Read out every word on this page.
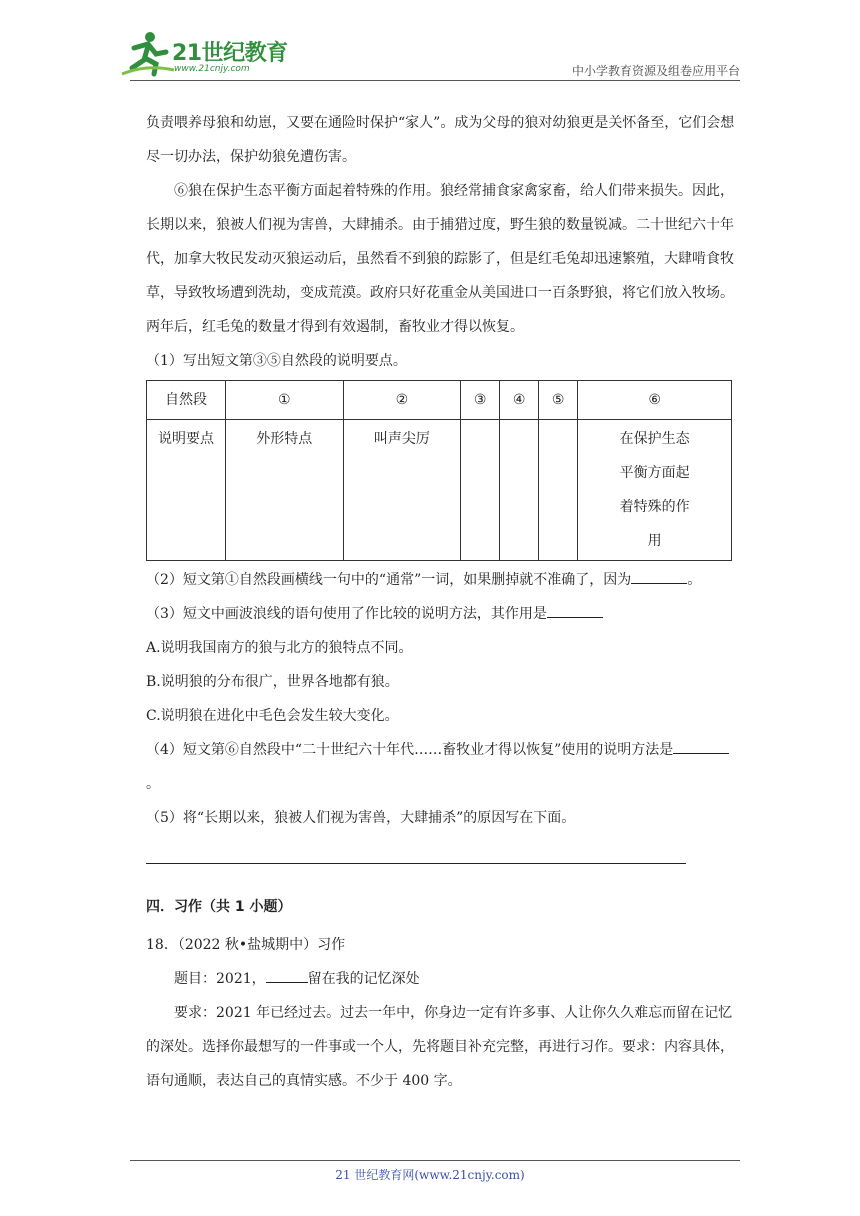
21世纪教育
www.21cnjy.com	中小学教育资源及组卷应用平台

负责喂养母狼和幼崽，又要在通险时保护“家人”。成为父母的狼对幼狼更是关怀备至，它们会想尽一切办法，保护幼狼免遭伤害。

⑥狼在保护生态平衡方面起着特殊的作用。狼经常捕食家禽家畜，给人们带来损失。因此，长期以来，狼被人们视为害兽，大肆捕杀。由于捕猎过度，野生狼的数量锐减。二十世纪六十年代，加拿大牧民发动灭狼运动后，虽然看不到狼的踪影了，但是红毛兔却迅速繁殖，大肆啃食牧草，导致牧场遭到洗劫，变成荒漠。政府只好花重金从美国进口一百条野狼，将它们放入牧场。两年后，红毛兔的数量才得到有效遏制，畜牧业才得以恢复。

（1）写出短文第③⑤自然段的说明要点。

自然段	①	②	③	④	⑤	⑥
说明要点	外形特点	叫声尖厉				在保护生态平衡方面起着特殊的作用

（2）短文第①自然段画横线一句中的“通常”一词，如果删掉就不准确了，因为	。

（3）短文中画波浪线的语句使用了作比较的说明方法，其作用是

A.说明我国南方的狼与北方的狼特点不同。

B.说明狼的分布很广，世界各地都有狼。

C.说明狼在进化中毛色会发生较大变化。

（4）短文第⑥自然段中“二十世纪六十年代……畜牧业才得以恢复”使用的说明方法是。

（5）将“长期以来，狼被人们视为害兽，大肆捕杀”的原因写在下面。

四．习作（共 1 小题）

18．（2022 秋•盐城期中）习作

题目：2021，	留在我的记忆深处

要求：2021 年已经过去。过去一年中，你身边一定有许多事、人让你久久难忘而留在记忆的深处。选择你最想写的一件事或一个人，先将题目补充完整，再进行习作。要求：内容具体，语句通顺，表达自己的真情实感。不少于 400 字。

21 世纪教育网(www.21cnjy.com)
